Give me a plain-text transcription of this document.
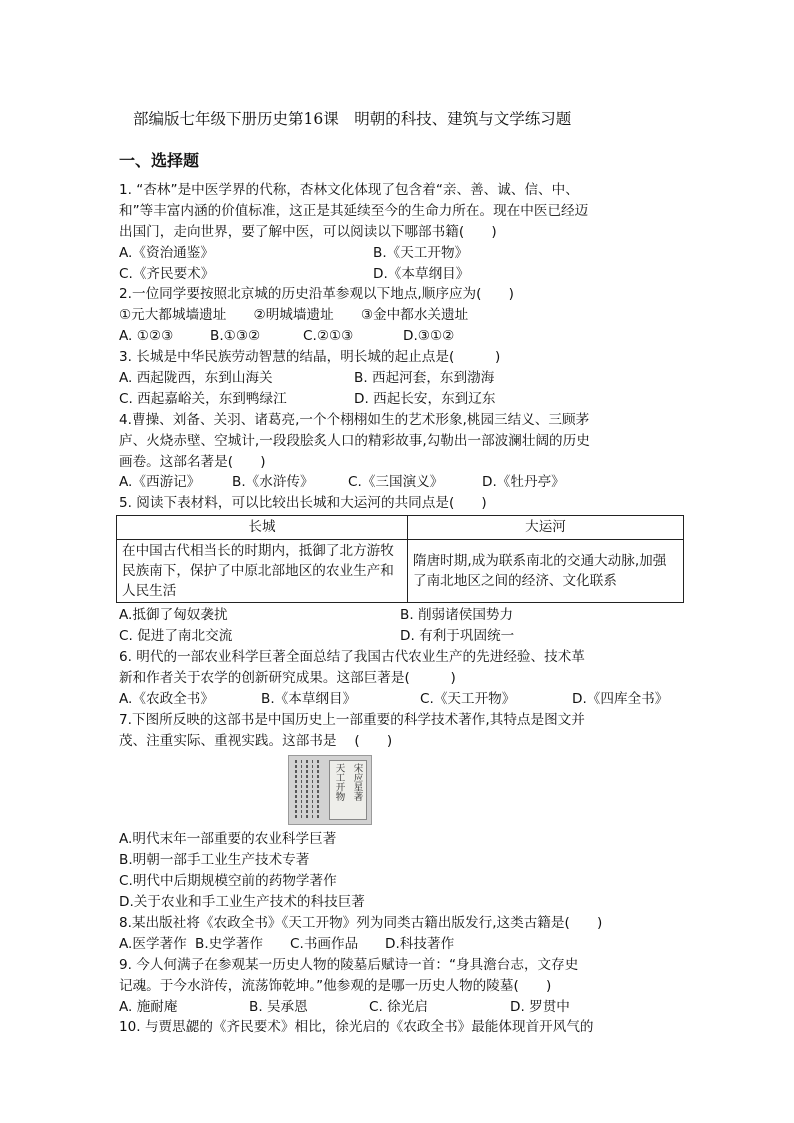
部编版七年级下册历史第16课　明朝的科技、建筑与文学练习题
一、选择题
1. “杏林”是中医学界的代称，杏林文化体现了包含着“亲、善、诚、信、中、
和”等丰富内涵的价值标准，这正是其延续至今的生命力所在。现在中医已经迈
出国门，走向世界，要了解中医，可以阅读以下哪部书籍(　　)
A.《资治通鉴》	B.《天工开物》
C.《齐民要术》	D.《本草纲目》
2.一位同学要按照北京城的历史沿革参观以下地点,顺序应为(　　)
①元大都城墙遗址　　②明城墙遗址　　③金中都水关遗址
A. ①②③	B.①③②	C.②①③	D.③①②
3. 长城是中华民族劳动智慧的结晶，明长城的起止点是(　　　)
A. 西起陇西，东到山海关	B. 西起河套，东到渤海
C. 西起嘉峪关，东到鸭绿江	D. 西起长安，东到辽东
4.曹操、刘备、关羽、诸葛亮,一个个栩栩如生的艺术形象,桃园三结义、三顾茅
庐、火烧赤壁、空城计,一段段脍炙人口的精彩故事,勾勒出一部波澜壮阔的历史
画卷。这部名著是(　　)
A.《西游记》	B.《水浒传》	C.《三国演义》	D.《牡丹亭》
5. 阅读下表材料，可以比较出长城和大运河的共同点是(　　)
长城	大运河
在中国古代相当长的时期内，抵御了北方游牧民族南下，保护了中原北部地区的农业生产和人民生活	隋唐时期,成为联系南北的交通大动脉,加强了南北地区之间的经济、文化联系
A.抵御了匈奴袭扰	B. 削弱诸侯国势力
C. 促进了南北交流	D. 有利于巩固统一
6. 明代的一部农业科学巨著全面总结了我国古代农业生产的先进经验、技术革
新和作者关于农学的创新研究成果。这部巨著是(　　　)
A.《农政全书》	B.《本草纲目》	C.《天工开物》	D.《四库全书》
7.下图所反映的这部书是中国历史上一部重要的科学技术著作,其特点是图文并
茂、注重实际、重视实践。这部书是　 (　　)
宋应星著
天工开物
A.明代末年一部重要的农业科学巨著
B.明朝一部手工业生产技术专著
C.明代中后期规模空前的药物学著作
D.关于农业和手工业生产技术的科技巨著
8.某出版社将《农政全书》《天工开物》列为同类古籍出版发行,这类古籍是(　　)
A.医学著作 B.史学著作	C.书画作品	D.科技著作
9. 今人何满子在参观某一历史人物的陵墓后赋诗一首：“身具澹台志，文存史
记魂。于今水浒传，流荡饰乾坤。”他参观的是哪一历史人物的陵墓(　　)
A. 施耐庵	B. 吴承恩	C. 徐光启	D. 罗贯中
10. 与贾思勰的《齐民要术》相比，徐光启的《农政全书》最能体现首开风气的
